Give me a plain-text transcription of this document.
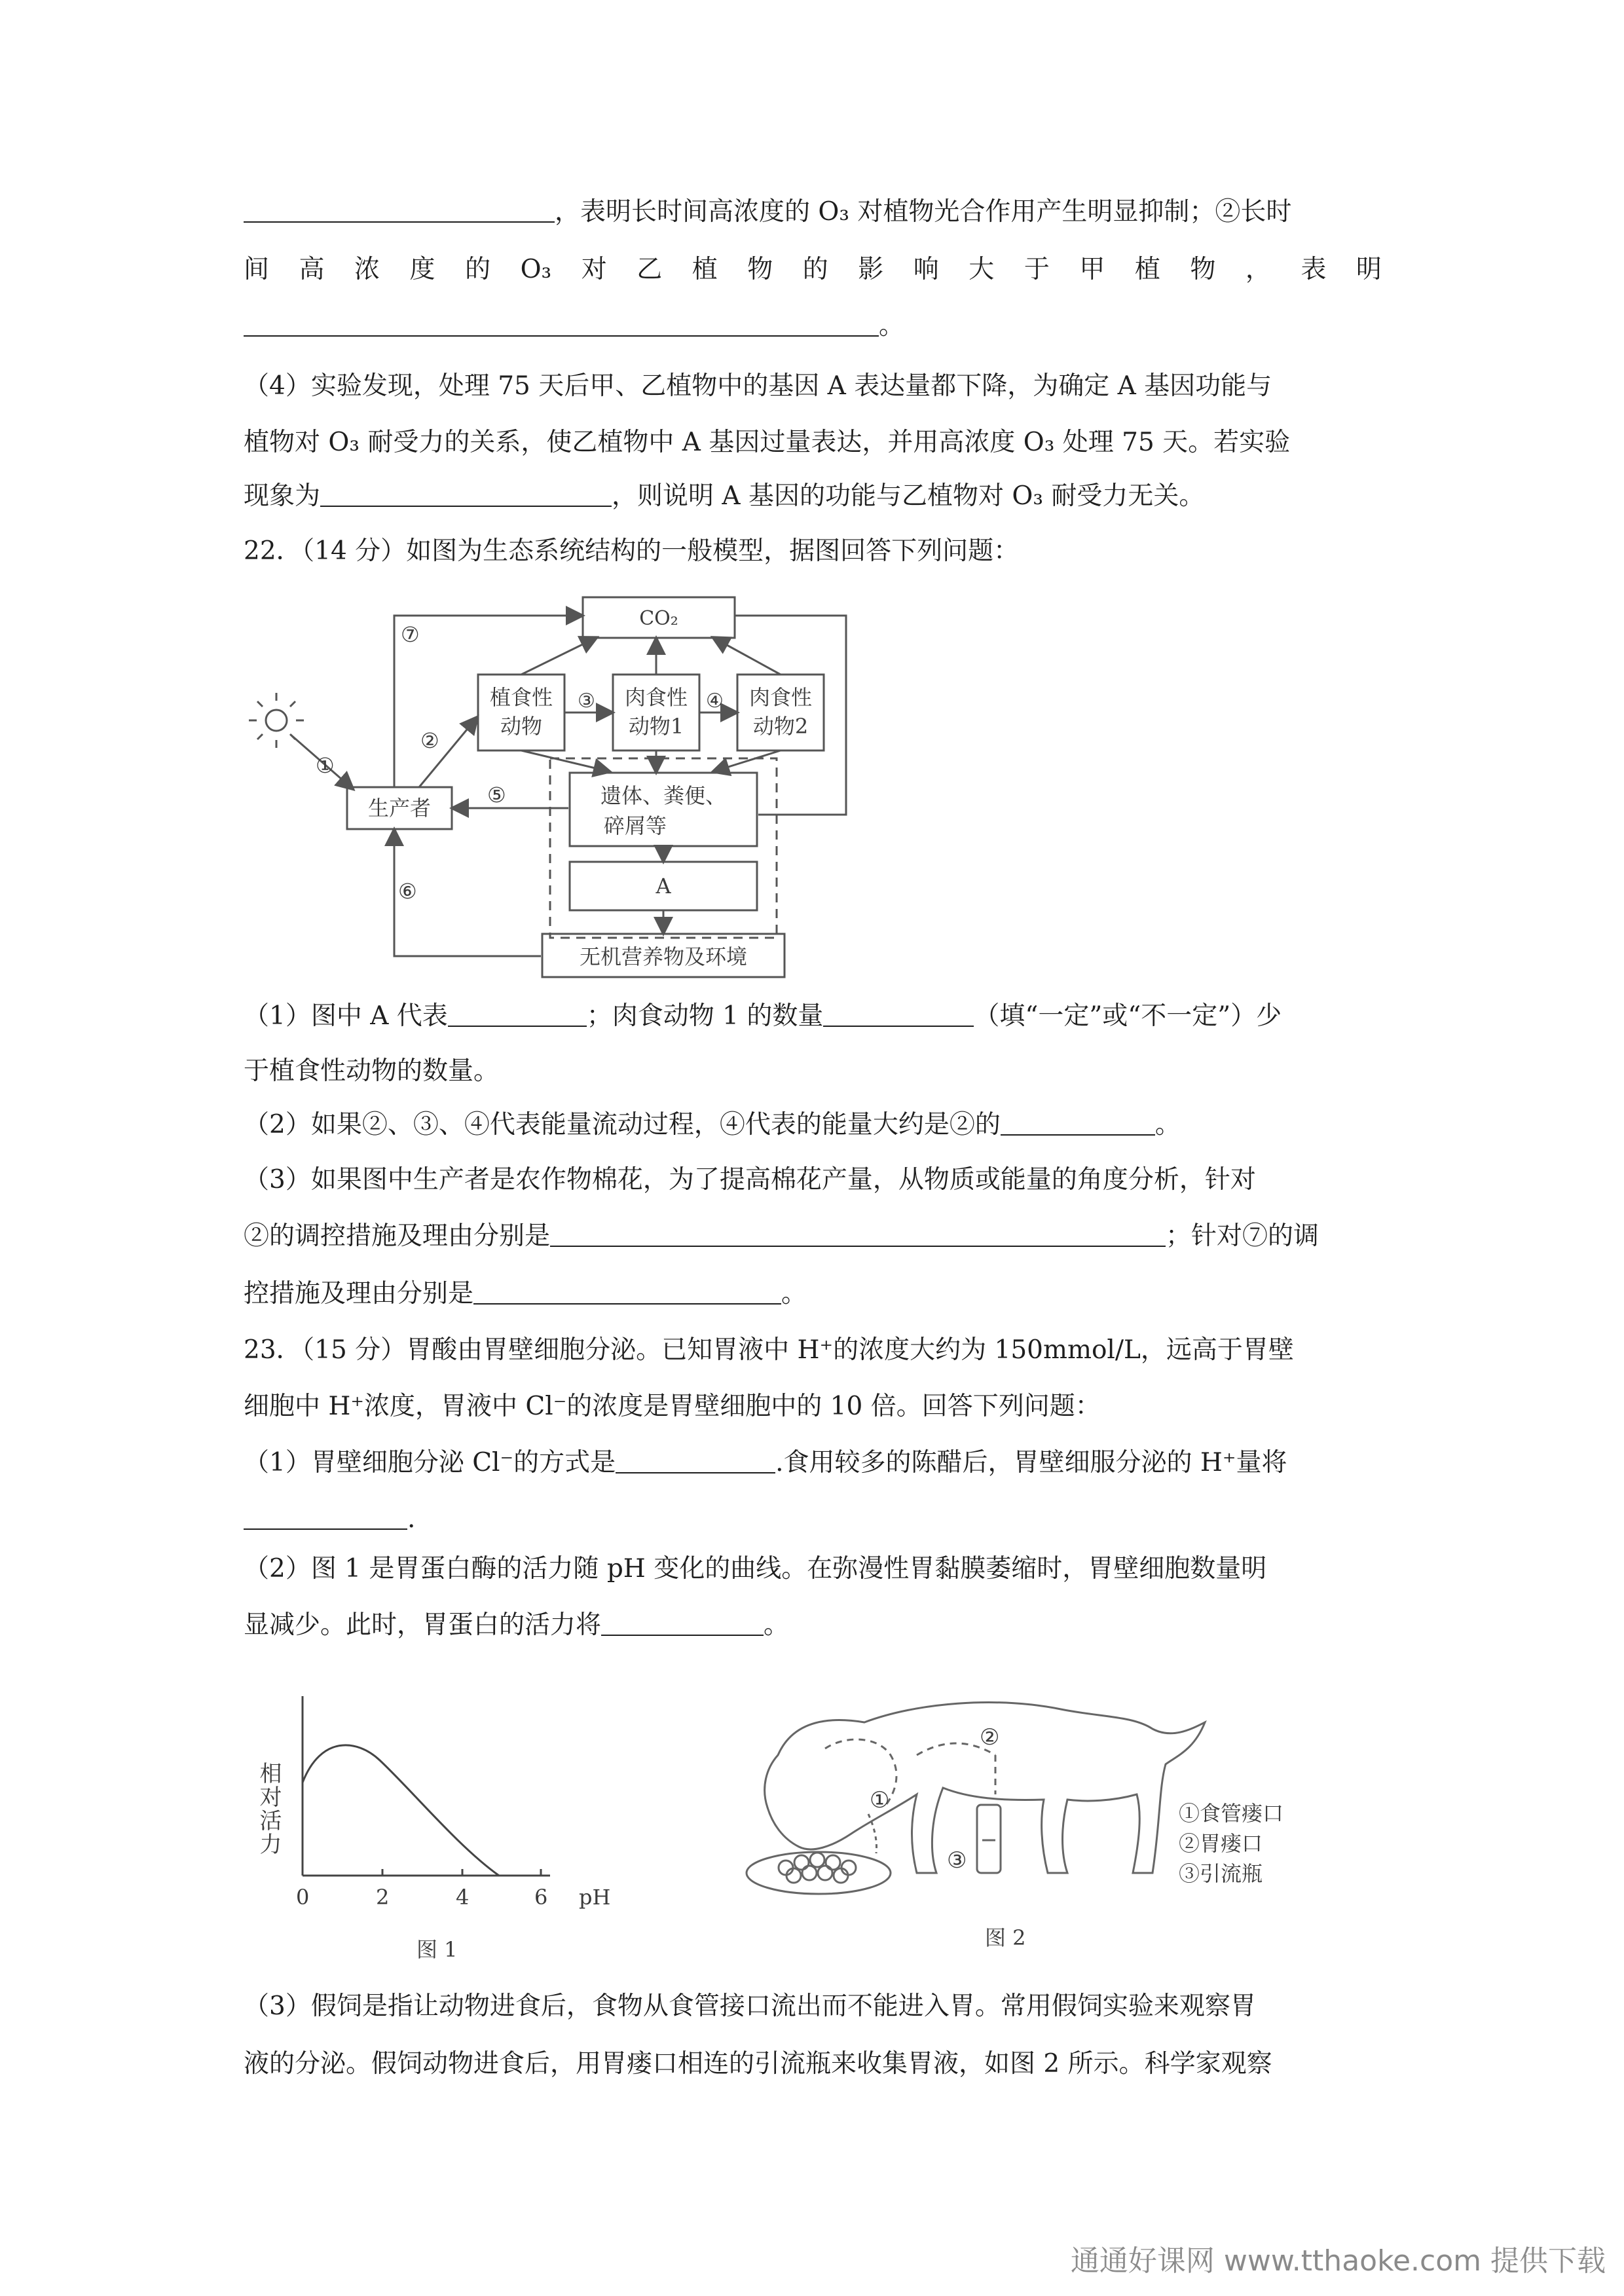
，表明长时间高浓度的 O₃ 对植物光合作用产生明显抑制；②长时
间 高 浓 度 的 O₃ 对 乙 植 物 的 影 响 大 于 甲 植 物 ， 表 明
。
（4）实验发现，处理 75 天后甲、乙植物中的基因 A 表达量都下降，为确定 A 基因功能与
植物对 O₃ 耐受力的关系，使乙植物中 A 基因过量表达，并用高浓度 O₃ 处理 75 天。若实验
现象为	，则说明 A 基因的功能与乙植物对 O₃ 耐受力无关。
22．（14 分）如图为生态系统结构的一般模型，据图回答下列问题：
CO₂
植食性
动物
肉食性
动物1
肉食性
动物2
生产者	遗体、粪便、
碎屑等
A
无机营养物及环境
①
②
③	④
⑤
⑥
⑦
（1）图中 A 代表	；肉食动物 1 的数量	（填“一定”或“不一定”）少
于植食性动物的数量。
（2）如果②、③、④代表能量流动过程，④代表的能量大约是②的	。
（3）如果图中生产者是农作物棉花，为了提高棉花产量，从物质或能量的角度分析，针对
②的调控措施及理由分别是	；针对⑦的调
控措施及理由分别是	。
23．（15 分）胃酸由胃壁细胞分泌。已知胃液中 H⁺的浓度大约为 150mmol/L，远高于胃壁
细胞中 H⁺浓度，胃液中 Cl⁻的浓度是胃壁细胞中的 10 倍。回答下列问题：
（1）胃壁细胞分泌 Cl⁻的方式是	.食用较多的陈醋后，胃壁细服分泌的 H⁺量将
.
（2）图 1 是胃蛋白酶的活力随 pH 变化的曲线。在弥漫性胃黏膜萎缩时，胃壁细胞数量明
显减少。此时，胃蛋白的活力将	。
相对活力
0	2	4	6 pH
图 1
①
②
③
①食管瘘口
②胃瘘口
③引流瓶
图 2
（3）假饲是指让动物进食后，食物从食管接口流出而不能进入胃。常用假饲实验来观察胃
液的分泌。假饲动物进食后，用胃瘘口相连的引流瓶来收集胃液，如图 2 所示。科学家观察
通通好课网 www.tthaoke.com 提供下载
